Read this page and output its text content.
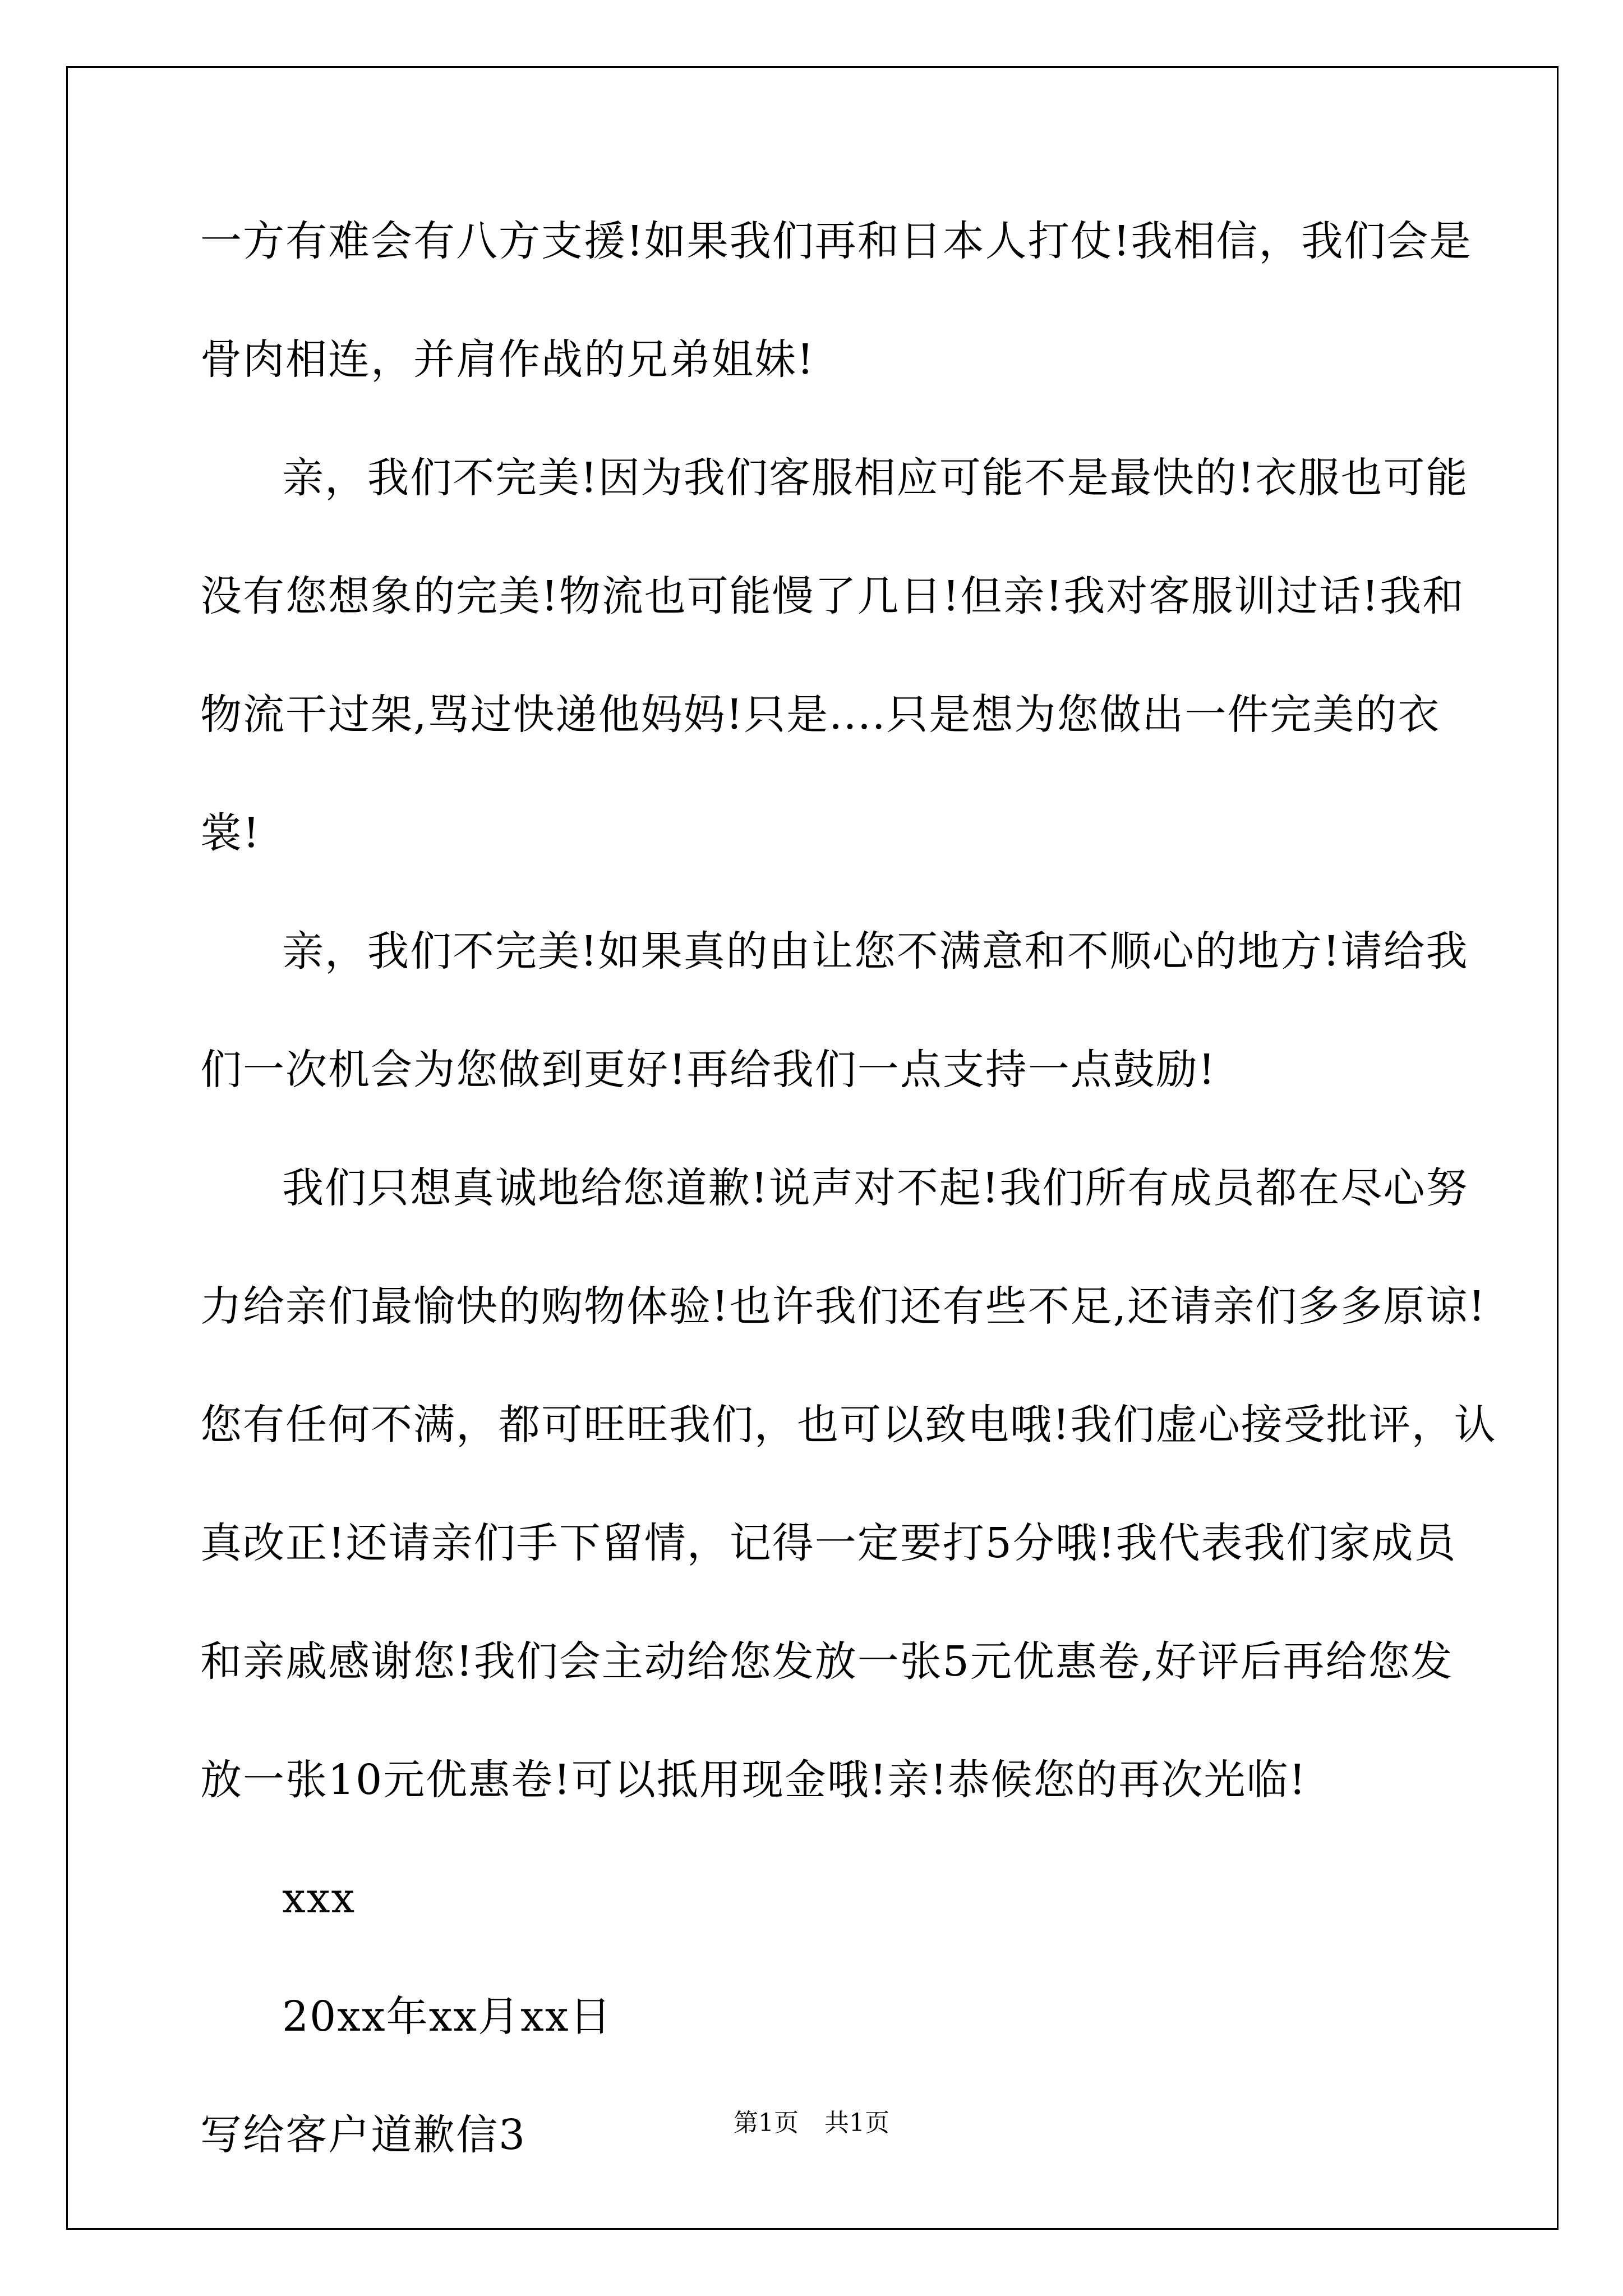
一方有难会有八方支援!如果我们再和日本人打仗!我相信，我们会是
骨肉相连，并肩作战的兄弟姐妹!
亲，我们不完美!因为我们客服相应可能不是最快的!衣服也可能
没有您想象的完美!物流也可能慢了几日!但亲!我对客服训过话!我和
物流干过架,骂过快递他妈妈!只是....只是想为您做出一件完美的衣
裳!
亲，我们不完美!如果真的由让您不满意和不顺心的地方!请给我
们一次机会为您做到更好!再给我们一点支持一点鼓励!
我们只想真诚地给您道歉!说声对不起!我们所有成员都在尽心努
力给亲们最愉快的购物体验!也许我们还有些不足,还请亲们多多原谅!
您有任何不满，都可旺旺我们，也可以致电哦!我们虚心接受批评，认
真改正!还请亲们手下留情，记得一定要打5分哦!我代表我们家成员
和亲戚感谢您!我们会主动给您发放一张5元优惠卷,好评后再给您发
放一张10元优惠卷!可以抵用现金哦!亲!恭候您的再次光临!
xxx
20xx年xx月xx日
写给客户道歉信3	第1页 共1页
